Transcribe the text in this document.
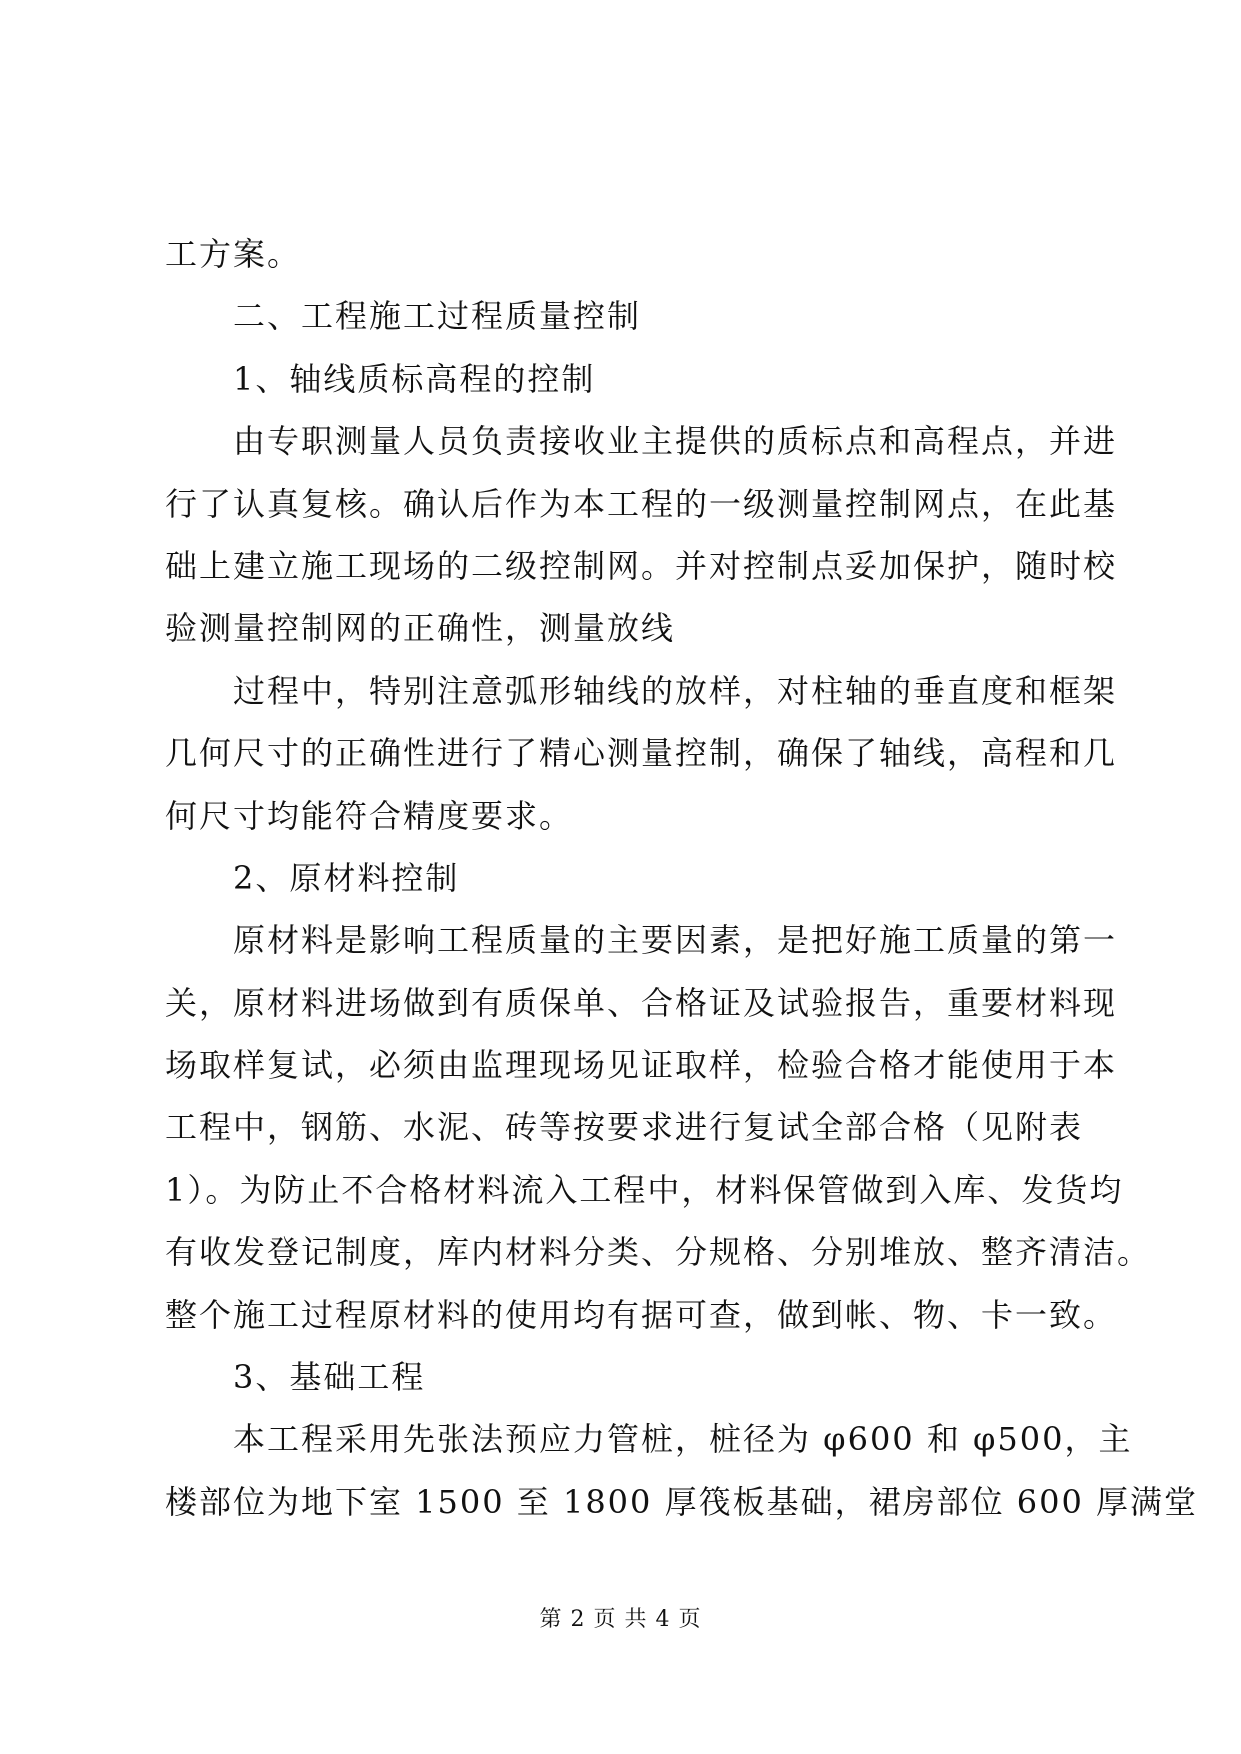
工方案。
二、工程施工过程质量控制
1、轴线质标高程的控制
由专职测量人员负责接收业主提供的质标点和高程点，并进
行了认真复核。确认后作为本工程的一级测量控制网点，在此基
础上建立施工现场的二级控制网。并对控制点妥加保护，随时校
验测量控制网的正确性，测量放线
过程中，特别注意弧形轴线的放样，对柱轴的垂直度和框架
几何尺寸的正确性进行了精心测量控制，确保了轴线，高程和几
何尺寸均能符合精度要求。
2、原材料控制
原材料是影响工程质量的主要因素，是把好施工质量的第一
关，原材料进场做到有质保单、合格证及试验报告，重要材料现
场取样复试，必须由监理现场见证取样，检验合格才能使用于本
工程中，钢筋、水泥、砖等按要求进行复试全部合格（见附表
1）。为防止不合格材料流入工程中，材料保管做到入库、发货均
有收发登记制度，库内材料分类、分规格、分别堆放、整齐清洁。
整个施工过程原材料的使用均有据可查，做到帐、物、卡一致。
3、基础工程
本工程采用先张法预应力管桩，桩径为 φ600 和 φ500，主
楼部位为地下室 1500 至 1800 厚筏板基础，裙房部位 600 厚满堂
第 2 页 共 4 页
